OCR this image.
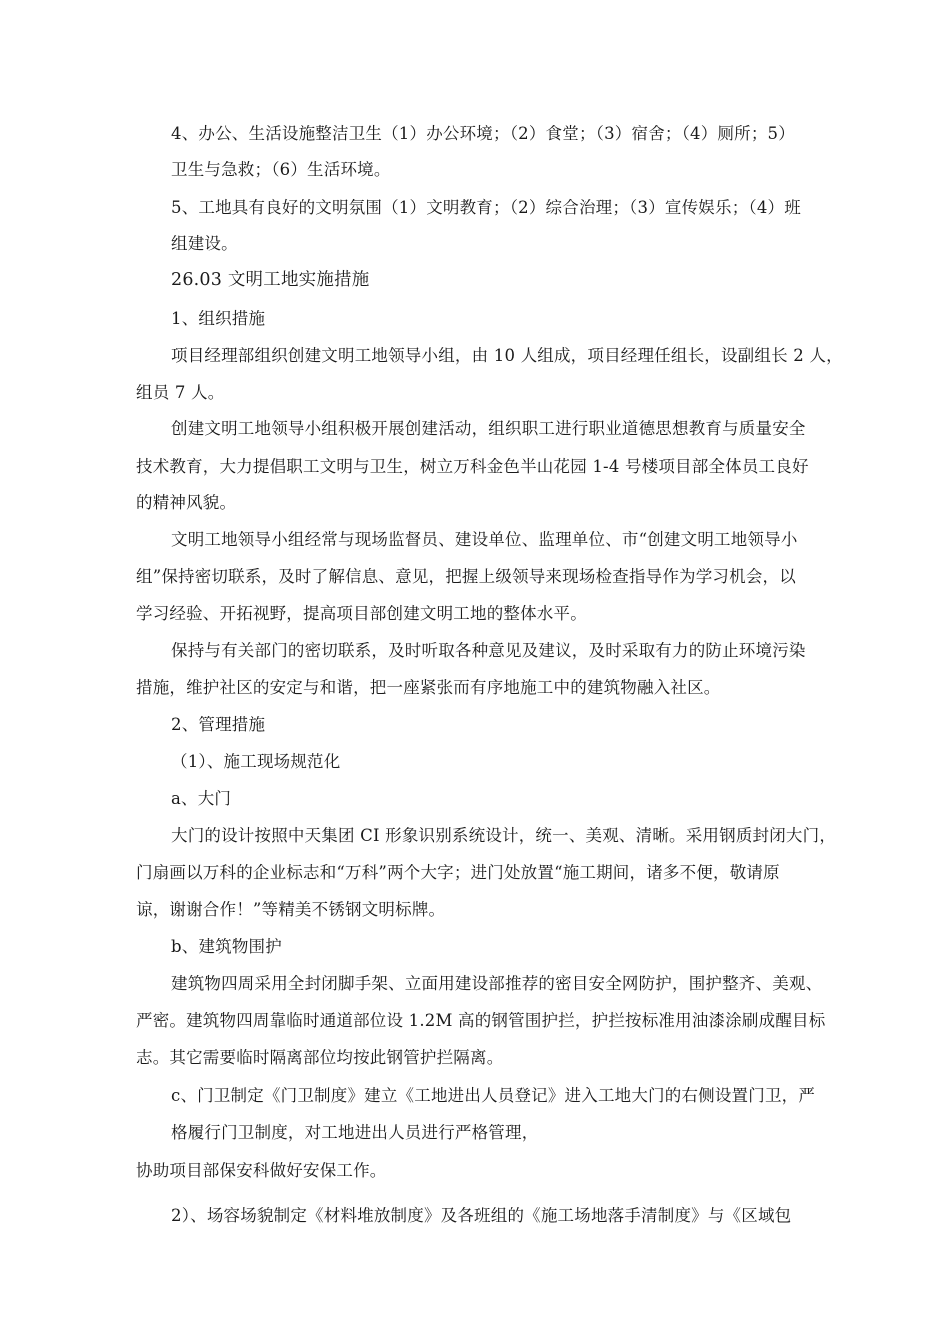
4、办公、生活设施整洁卫生（1）办公环境；（2）食堂；（3）宿舍；（4）厕所；5）
卫生与急救；（6）生活环境。
5、工地具有良好的文明氛围（1）文明教育；（2）综合治理；（3）宣传娱乐；（4）班
组建设。
26.03 文明工地实施措施
1、组织措施
项目经理部组织创建文明工地领导小组，由 10 人组成，项目经理任组长，设副组长 2 人，
组员 7 人。
创建文明工地领导小组积极开展创建活动，组织职工进行职业道德思想教育与质量安全
技术教育，大力提倡职工文明与卫生，树立万科金色半山花园 1-4 号楼项目部全体员工良好
的精神风貌。
文明工地领导小组经常与现场监督员、建设单位、监理单位、市“创建文明工地领导小
组”保持密切联系，及时了解信息、意见，把握上级领导来现场检查指导作为学习机会，以
学习经验、开拓视野，提高项目部创建文明工地的整体水平。
保持与有关部门的密切联系，及时听取各种意见及建议，及时采取有力的防止环境污染
措施，维护社区的安定与和谐，把一座紧张而有序地施工中的建筑物融入社区。
2、管理措施
（1）、施工现场规范化
a、大门
大门的设计按照中天集团 CI 形象识别系统设计，统一、美观、清晰。采用钢质封闭大门，
门扇画以万科的企业标志和“万科”两个大字；进门处放置“施工期间，诸多不便，敬请原
谅，谢谢合作！”等精美不锈钢文明标牌。
b、建筑物围护
建筑物四周采用全封闭脚手架、立面用建设部推荐的密目安全网防护，围护整齐、美观、
严密。建筑物四周靠临时通道部位设 1.2M 高的钢管围护拦，护拦按标准用油漆涂刷成醒目标
志。其它需要临时隔离部位均按此钢管护拦隔离。
c、门卫制定《门卫制度》建立《工地进出人员登记》进入工地大门的右侧设置门卫，严
格履行门卫制度，对工地进出人员进行严格管理，
协助项目部保安科做好安保工作。
2）、场容场貌制定《材料堆放制度》及各班组的《施工场地落手清制度》与《区域包
